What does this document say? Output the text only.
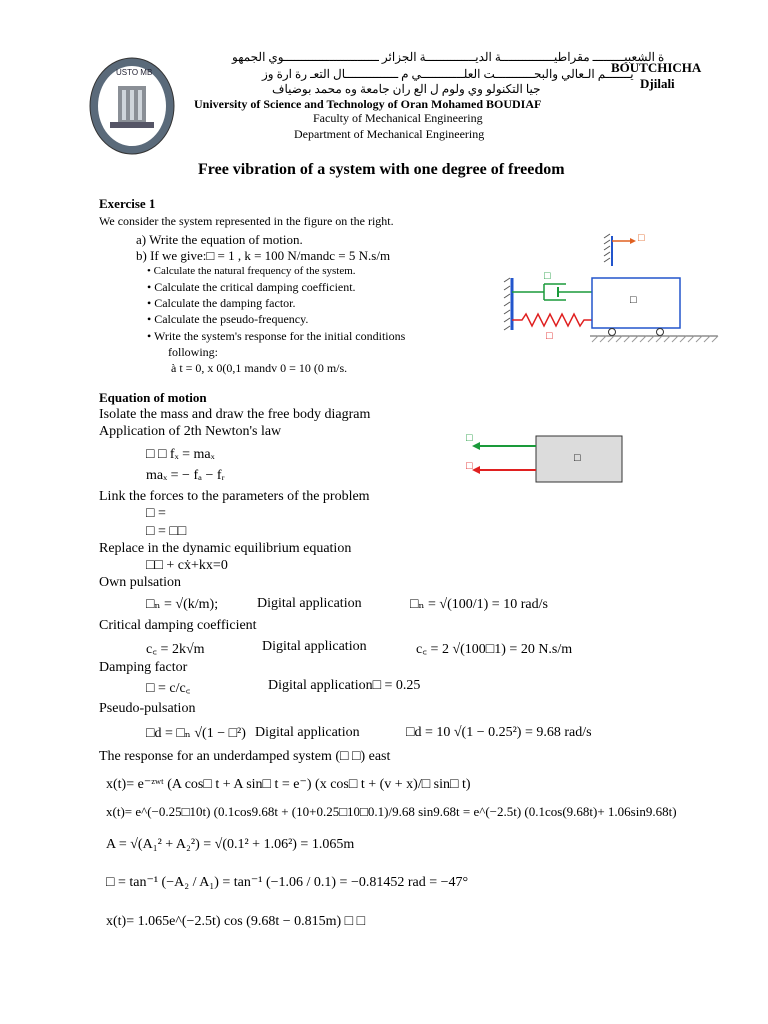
USTO MB
ة الشعبيـــــــــ مقراطيـــــــــــــــة الديــــــــــــــة الجزائر ـــــــــــــــــــــــــــوي الجمهو
يـــــــم الـعالي والبحـــــــــــت العلــــــــــــي م ـــــــــــــــال التعـ رة ارة وز
جيا التكنولو وي ولوم ل الع ران جامعة وه محمد بوضياف
University of Science and Technology of Oran Mohamed BOUDIAF
Faculty of Mechanical Engineering
Department of Mechanical Engineering
BOUTCHICHA
Djilali
Free vibration of a system with one degree of freedom
Exercise 1
We consider the system represented in the figure on the right.
a) Write the equation of motion.
b) If we give:□ = 1 , k = 100 N/mandc = 5 N.s/m
• Calculate the natural frequency of the system.
• Calculate the critical damping coefficient.
• Calculate the damping factor.
• Calculate the pseudo-frequency.
• Write the system's response for the initial conditions
following:
à t = 0, x 0(0,1 mandv 0 = 10 (0 m/s.
□
□
□
□
Equation of motion
Isolate the mass and draw the free body diagram
Application of 2th Newton's law
□ □ fₓ = maₓ
maₓ = − fₐ − fᵣ
□
□
□
Link the forces to the parameters of the problem
□ =
□ = □□
Replace in the dynamic equilibrium equation
□□ + cẋ+kx=0
Own pulsation
□ₙ = √(k/m);	Digital application	□ₙ = √(100/1) = 10 rad/s
Critical damping coefficient
c꜀ = 2k√m	Digital application	c꜀ = 2 √(100□1) = 20 N.s/m
Damping factor
□ = c/c꜀	Digital application□ = 0.25
Pseudo-pulsation
□d = □ₙ √(1 − □²) Digital application	□d = 10 √(1 − 0.25²) = 9.68 rad/s
The response for an underdamped system (□ □) east
x(t)= e⁻ᶻʷᵗ (A cos□ t + A sin□ t = e⁻) (x cos□ t + (v + x)/□ sin□ t)
x(t)= e^(−0.25□10t) (0.1cos9.68t + (10+0.25□10□0.1)/9.68 sin9.68t = e^(−2.5t) (0.1cos(9.68t)+ 1.06sin9.68t)
A = √(A₁² + A₂²) = √(0.1² + 1.06²) = 1.065m
□ = tan⁻¹ (−A₂ / A₁) = tan⁻¹ (−1.06 / 0.1) = −0.81452 rad = −47°
x(t)= 1.065e^(−2.5t) cos (9.68t − 0.815m) □ □
